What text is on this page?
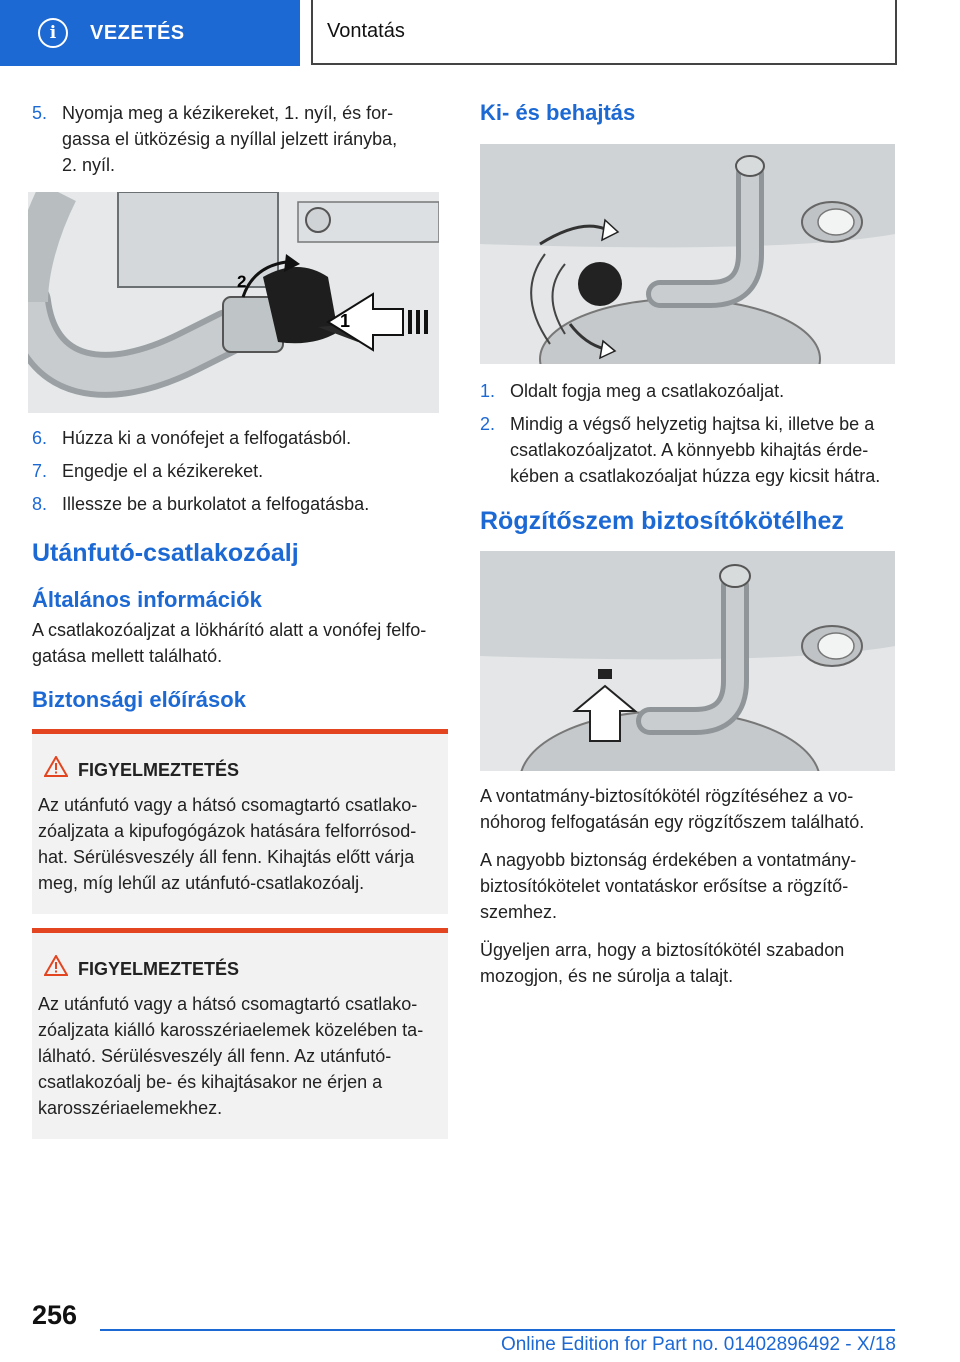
i	VEZETÉS	Vontatás
5. Nyomja meg a kézikereket, 1. nyíl, és for-
gassa el ütközésig a nyíllal jelzett irányba,
2. nyíl.
2
1
6. Húzza ki a vonófejet a felfogatásból.
7. Engedje el a kézikereket.
8. Illessze be a burkolatot a felfogatásba.
Utánfutó-csatlakozóalj
Általános információk
A csatlakozóaljzat a lökhárító alatt a vonófej felfo-
gatása mellett található.
Biztonsági előírások
FIGYELMEZTETÉS
Az utánfutó vagy a hátsó csomagtartó csatlako-
zóaljzata a kipufogógázok hatására felforrósod-
hat. Sérülésveszély áll fenn. Kihajtás előtt várja
meg, míg lehűl az utánfutó-csatlakozóalj.
FIGYELMEZTETÉS
Az utánfutó vagy a hátsó csomagtartó csatlako-
zóaljzata kiálló karosszériaelemek közelében ta-
lálható. Sérülésveszély áll fenn. Az utánfutó-
csatlakozóalj be- és kihajtásakor ne érjen a
karosszériaelemekhez.
Ki- és behajtás
1. Oldalt fogja meg a csatlakozóaljat.
2. Mindig a végső helyzetig hajtsa ki, illetve be a
csatlakozóaljzatot. A könnyebb kihajtás érde-
kében a csatlakozóaljat húzza egy kicsit hátra.
Rögzítőszem biztosítókötélhez
A vontatmány-biztosítókötél rögzítéséhez a vo-
nóhorog felfogatásán egy rögzítőszem található.
A nagyobb biztonság érdekében a vontatmány-
biztosítókötelet vontatáskor erősítse a rögzítő-
szemhez.
Ügyeljen arra, hogy a biztosítókötél szabadon
mozogjon, és ne súrolja a talajt.
256
Online Edition for Part no. 01402896492 - X/18
